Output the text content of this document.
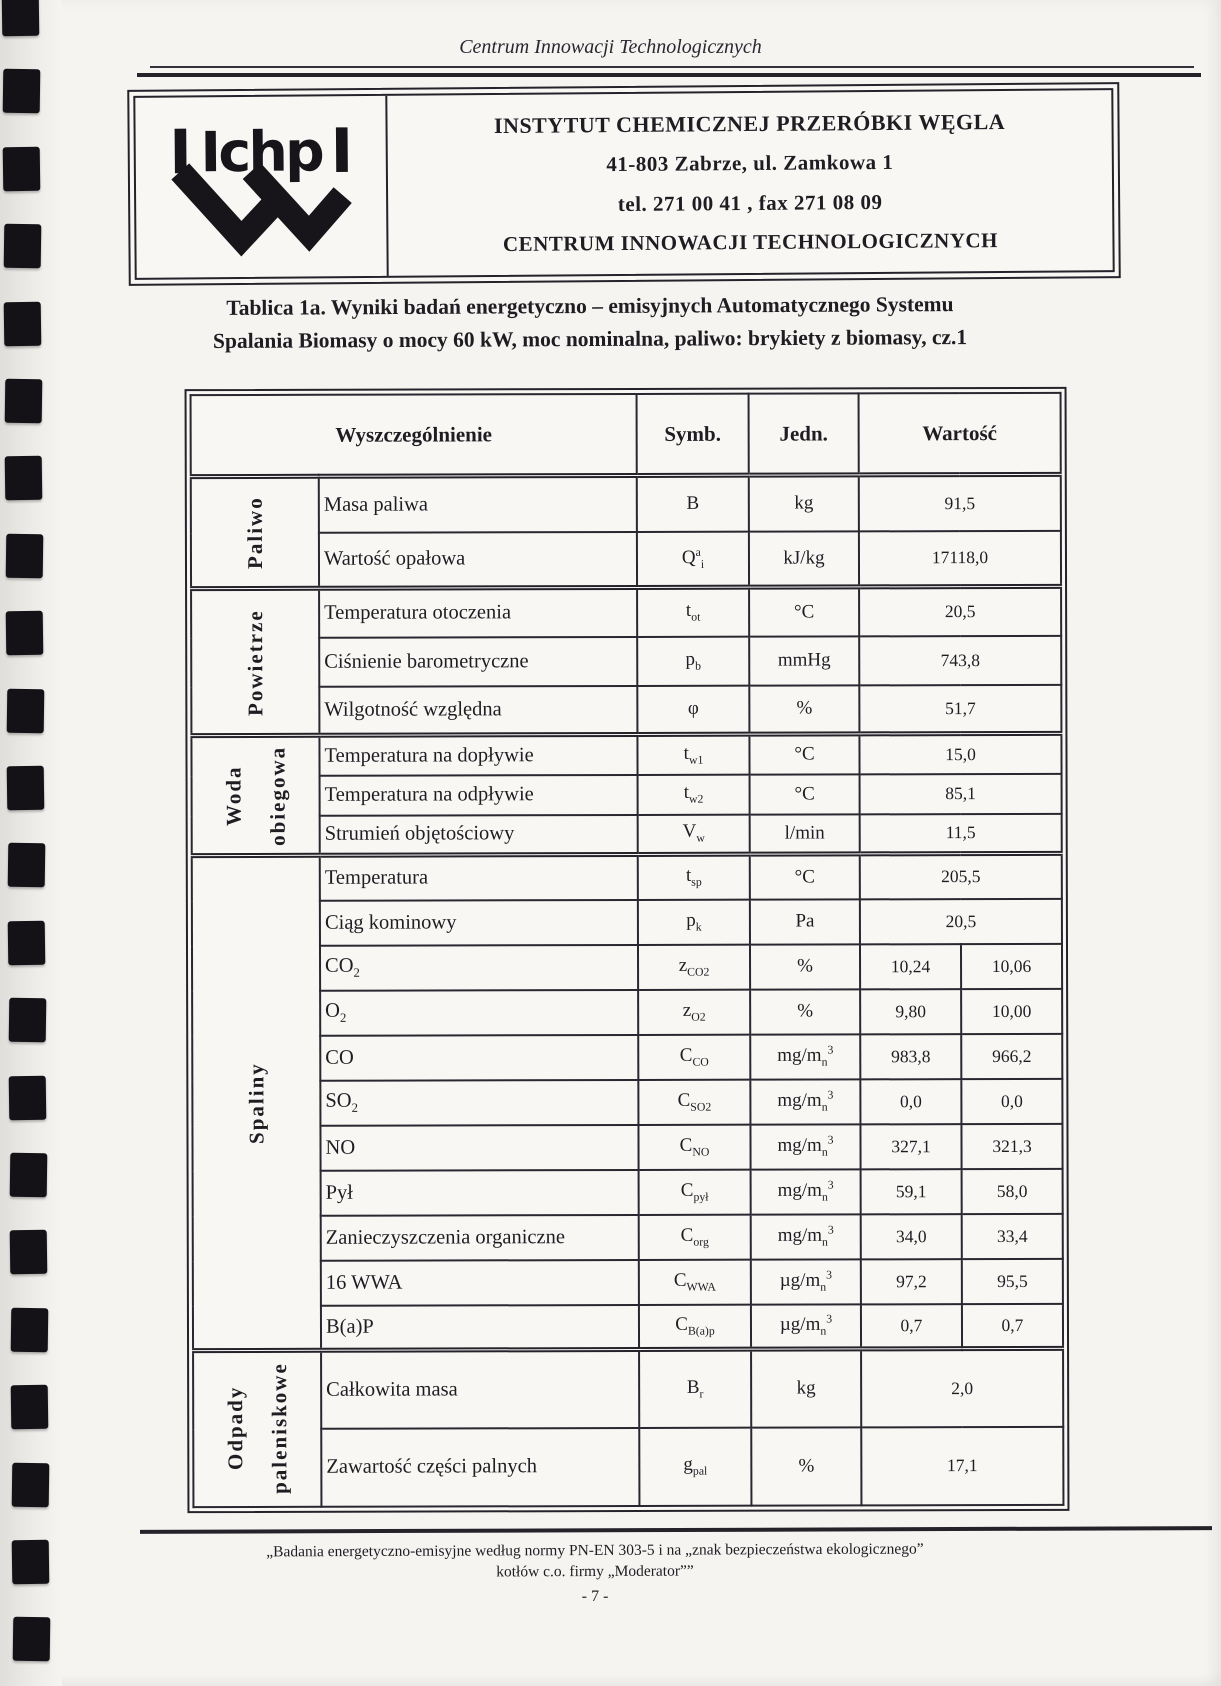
Centrum Innowacji Technologicznych
Ichp	INSTYTUT CHEMICZNEJ PRZERÓBKI WĘGLA
41-803 Zabrze, ul. Zamkowa 1
tel. 271 00 41 , fax 271 08 09
CENTRUM INNOWACJI TECHNOLOGICZNYCH
Tablica 1a. Wyniki badań energetyczno – emisyjnych Automatycznego Systemu
Spalania Biomasy o mocy 60 kW, moc nominalna, paliwo: brykiety z biomasy, cz.1
Wyszczególnienie		Symb.	Jedn.	Wartość	
Paliwo	Masa paliwa	B	kg	91,5	
	Wartość opałowa	$Q^a_i$	kJ/kg	17118,0	
Powietrze	Temperatura otoczenia	$t_{ot}$	°C	20,5	
	Ciśnienie barometryczne	$p_b$	mmHg	743,8	
	Wilgotność względna	φ	%	51,7	
Woda
obiegowa	Temperatura na dopływie	$t_{w1}$	°C	15,0	
	Temperatura na odpływie	$t_{w2}$	°C	85,1	
	Strumień objętościowy	$V_w$	l/min	11,5	
Spaliny	Temperatura	$t_{sp}$	°C	205,5	
	Ciąg kominowy	$p_k$	Pa	20,5	
	$CO_2$	$z_{CO2}$	%	10,24	10,06
	$O_2$	$z_{O2}$	%	9,80	10,00
	CO	$C_{CO}$	$mg/m_n^3$	983,8	966,2
	$SO_2$	$C_{SO2}$	$mg/m_n^3$	0,0	0,0
	NO	$C_{NO}$	$mg/m_n^3$	327,1	321,3
	Pył	$C_{pył}$	$mg/m_n^3$	59,1	58,0
	Zanieczyszczenia organiczne	$C_{org}$	$mg/m_n^3$	34,0	33,4
	16 WWA	$C_{WWA}$	$\mu g/m_n^3$	97,2	95,5
	B(a)P	$C_{B(a)p}$	$\mu g/m_n^3$	0,7	0,7
Odpady
paleniskowe	Całkowita masa	$B_r$	kg	2,0	
	Zawartość części palnych	$g_{pal}$	%	17,1	
„Badania energetyczno-emisyjne według normy PN-EN 303-5 i na „znak bezpieczeństwa ekologicznego”
kotłów c.o. firmy „Moderator””
- 7 -
